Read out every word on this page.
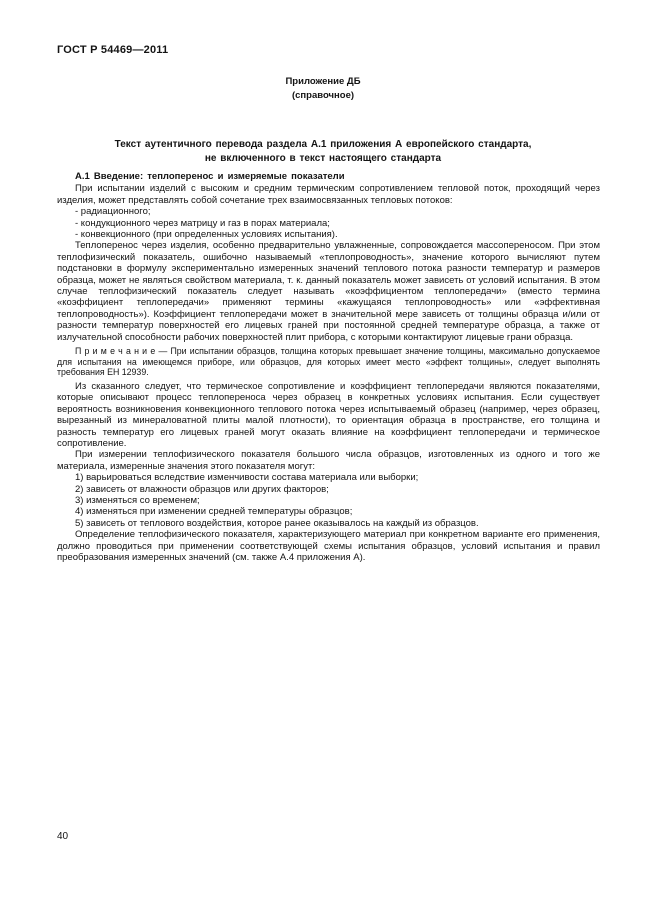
ГОСТ Р 54469—2011
Приложение ДБ
(справочное)
Текст аутентичного перевода раздела А.1 приложения А европейского стандарта,
не включенного в текст настоящего стандарта
А.1 Введение: теплоперенос и измеряемые показатели

При испытании изделий с высоким и средним термическим сопротивлением тепловой поток, проходящий через изделия, может представлять собой сочетание трех взаимосвязанных тепловых потоков:

- радиационного;

- кондукционного через матрицу и газ в порах материала;

- конвекционного (при определенных условиях испытания).

Теплоперенос через изделия, особенно предварительно увлажненные, сопровождается массопереносом. При этом теплофизический показатель, ошибочно называемый «теплопроводность», значение которого вычисляют путем подстановки в формулу экспериментально измеренных значений теплового потока разности температур и размеров образца, может не являться свойством материала, т. к. данный показатель может зависеть от условий испытания. В этом случае теплофизический показатель следует называть «коэффициентом теплопередачи» (вместо термина «коэффициент теплопередачи» применяют термины «кажущаяся теплопроводность» или «эффективная теплопроводность»). Коэффициент теплопередачи может в значительной мере зависеть от толщины образца и/или от разности температур поверхностей его лицевых граней при постоянной средней температуре образца, а также от излучательной способности рабочих поверхностей плит прибора, с которыми контактируют лицевые грани образца.

П р и м е ч а н и е — При испытании образцов, толщина которых превышает значение толщины, максимально допускаемое для испытания на имеющемся приборе, или образцов, для которых имеет место «эффект толщины», следует выполнять требования ЕН 12939.

Из сказанного следует, что термическое сопротивление и коэффициент теплопередачи являются показателями, которые описывают процесс теплопереноса через образец в конкретных условиях испытания. Если существует вероятность возникновения конвекционного теплового потока через испытываемый образец (например, через образец, вырезанный из минераловатной плиты малой плотности), то ориентация образца в пространстве, его толщина и разность температур его лицевых граней могут оказать влияние на коэффициент теплопередачи и термическое сопротивление.

При измерении теплофизического показателя большого числа образцов, изготовленных из одного и того же материала, измеренные значения этого показателя могут:

1) варьироваться вследствие изменчивости состава материала или выборки;

2) зависеть от влажности образцов или других факторов;

3) изменяться со временем;

4) изменяться при изменении средней температуры образцов;

5) зависеть от теплового воздействия, которое ранее оказывалось на каждый из образцов.

Определение теплофизического показателя, характеризующего материал при конкретном варианте его применения, должно проводиться при применении соответствующей схемы испытания образцов, условий испытания и правил преобразования измеренных значений (см. также А.4 приложения А).

40
